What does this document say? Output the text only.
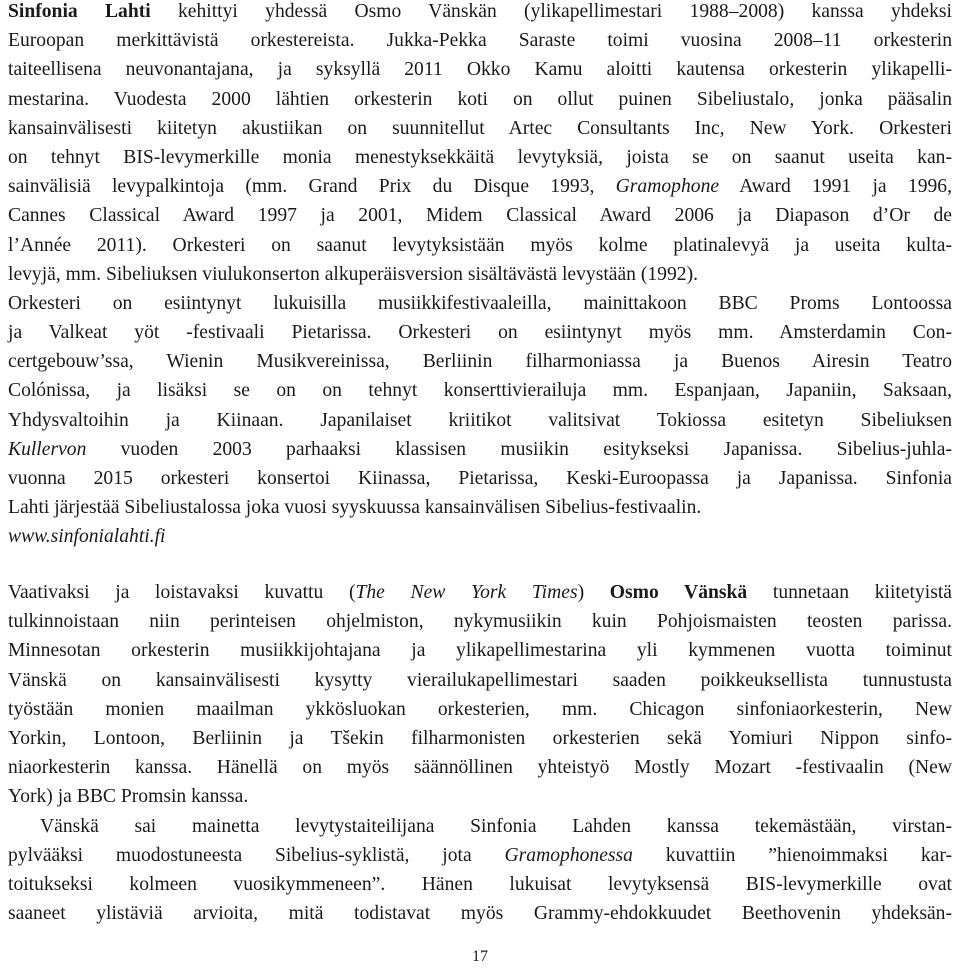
Sinfonia Lahti kehittyi yhdessä Osmo Vänskän (ylikapellimestari 1988–2008) kanssa yhdeksi
Euroopan merkittävistä orkestereista. Jukka-Pekka Saraste toimi vuosina 2008–11 orkesterin
taiteellisena neuvonantajana, ja syksyllä 2011 Okko Kamu aloitti kautensa orkesterin ylikapelli-
mestarina. Vuodesta 2000 lähtien orkesterin koti on ollut puinen Sibeliustalo, jonka pääsalin
kansainvälisesti kiitetyn akustiikan on suunnitellut Artec Consultants Inc, New York. Orkesteri
on tehnyt BIS-levymerkille monia menestyksekkäitä levytyksiä, joista se on saanut useita kan-
sainvälisiä levypalkintoja (mm. Grand Prix du Disque 1993, Gramophone Award 1991 ja 1996,
Cannes Classical Award 1997 ja 2001, Midem Classical Award 2006 ja Diapason d’Or de
l’Année 2011). Orkesteri on saanut levytyksistään myös kolme platinalevyä ja useita kulta-
levyjä, mm. Sibeliuksen viulukonserton alkuperäisversion sisältävästä levystään (1992).
Orkesteri on esiintynyt lukuisilla musiikkifestivaaleilla, mainittakoon BBC Proms Lontoossa
ja Valkeat yöt -festivaali Pietarissa. Orkesteri on esiintynyt myös mm. Amsterdamin Con-
certgebouw’ssa, Wienin Musikvereinissa, Berliinin filharmoniassa ja Buenos Airesin Teatro
Colónissa, ja lisäksi se on on tehnyt konserttivierailuja mm. Espanjaan, Japaniin, Saksaan,
Yhdysvaltoihin ja Kiinaan. Japanilaiset kriitikot valitsivat Tokiossa esitetyn Sibeliuksen
Kullervon vuoden 2003 parhaaksi klassisen musiikin esitykseksi Japanissa. Sibelius-juhla-
vuonna 2015 orkesteri konsertoi Kiinassa, Pietarissa, Keski-Euroopassa ja Japanissa. Sinfonia
Lahti järjestää Sibeliustalossa joka vuosi syyskuussa kansainvälisen Sibelius-festivaalin.
www.sinfonialahti.fi
Vaativaksi ja loistavaksi kuvattu (The New York Times) Osmo Vänskä tunnetaan kiitetyistä
tulkinnoistaan niin perinteisen ohjelmiston, nykymusiikin kuin Pohjoismaisten teosten parissa.
Minnesotan orkesterin musiikkijohtajana ja ylikapellimestarina yli kymmenen vuotta toiminut
Vänskä on kansainvälisesti kysytty vierailukapellimestari saaden poikkeuksellista tunnustusta
työstään monien maailman ykkösluokan orkesterien, mm. Chicagon sinfoniaorkesterin, New
Yorkin, Lontoon, Berliinin ja Tšekin filharmonisten orkesterien sekä Yomiuri Nippon sinfo-
niaorkesterin kanssa. Hänellä on myös säännöllinen yhteistyö Mostly Mozart -festivaalin (New
York) ja BBC Promsin kanssa.
Vänskä sai mainetta levytystaiteilijana Sinfonia Lahden kanssa tekemästään, virstan-
pylvääksi muodostuneesta Sibelius-syklistä, jota Gramophonessa kuvattiin ”hienoimmaksi kar-
toitukseksi kolmeen vuosikymmeneen”. Hänen lukuisat levytyksensä BIS-levymerkille ovat
saaneet ylistäviä arvioita, mitä todistavat myös Grammy-ehdokkuudet Beethovenin yhdeksän-
17
